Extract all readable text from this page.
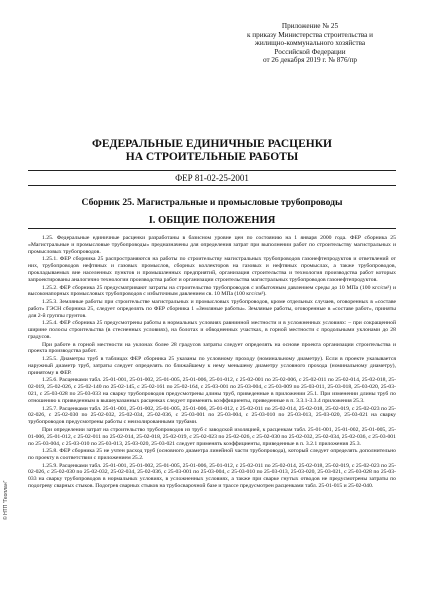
Приложение № 25
к приказу Министерства строительства и
жилищно-коммунального хозяйства
Российской Федерации
от 26 декабря 2019 г. № 876/пр
ФЕДЕРАЛЬНЫЕ ЕДИНИЧНЫЕ РАСЦЕНКИ
НА СТРОИТЕЛЬНЫЕ РАБОТЫ
ФЕР 81-02-25-2001
Сборник 25. Магистральные и промысловые трубопроводы
I. ОБЩИЕ ПОЛОЖЕНИЯ

1.25. Федеральные единичные расценки разработаны в базисном уровне цен по состоянию на 1 января 2000 года. ФЕР сборника 25 «Магистральные и промысловые трубопроводы» предназначены для определения затрат при выполнении работ по строительству магистральных и промысловых трубопроводов.

1.25.1. ФЕР сборника 25 распространяются на работы по строительству магистральных трубопроводов газонефтепродуктов и ответвлений от них, трубопроводов нефтяных и газовых промыслов, сборных коллекторов на газовых и нефтяных промыслах, а также трубопроводов, прокладываемых вне населенных пунктов и промышленных предприятий, организация строительства и технология производства работ которых запроектированы аналогично технологии производства работ и организации строительства магистральных трубопроводов газонефтепродуктов.

1.25.2. ФЕР сборника 25 предусматривают затраты на строительство трубопроводов с избыточным давлением среды до 10 МПа (100 кгс/см²) и высоконапорных промысловых трубопроводов с избыточным давлением св. 10 МПа (100 кгс/см²).

1.25.3. Земляные работы при строительстве магистральных и промысловых трубопроводов, кроме отдельных случаев, оговоренных в «составе работ» ГЭСН сборника 25, следует определять по ФЕР сборника 1 «Земляные работы». Земляные работы, оговоренные в «составе работ», приняты для 2-й группы грунтов.

1.25.4. ФЕР сборника 25 предусмотрены работы в нормальных условиях равнинной местности и в усложненных условиях: – при сокращенной ширине полосы строительства (в стесненных условиях), на болотах и обводненных участках, в горной местности с продольными уклонами до 28 градусов.

При работе в горной местности на уклонах более 28 градусов затраты следует определять на основе проекта организации строительства и проекта производства работ.

1.25.5. Диаметры труб в таблицах ФЕР сборника 25 указаны по условному проходу (номинальному диаметру). Если в проекте указывается наружный диаметр труб, затраты следует определять по ближайшему к нему меньшему диаметру условного прохода (номинальному диаметру), принятому в ФЕР.

1.25.6. Расценками табл. 25-01-001, 25-01-002, 25-01-005, 25-01-006, 25-01-012, с 25-02-001 по 25-02-006, с 25-02-011 по 25-02-014, 25-02-018, 25-02-019, 25-02-026, с 25-02-140 по 25-02-145, с 25-02-161 по 25-02-164, с 25-03-001 по 25-03-004, с 25-03-009 по 25-03-011, 25-03-018, 25-03-020, 25-03-021, с 25-03-028 по 25-03-033 на сварку трубопроводов предусмотрены длины труб, приведенные в приложении 25.1. При изменении длины труб по отношению к приведенным в вышеуказанных расценках следует применять коэффициенты, приведенные в п. 3.3.1-3.3.4 приложения 25.3.

1.25.7. Расценками табл. 25-01-001, 25-01-002, 25-01-005, 25-01-006, 25-01-012, с 25-02-011 по 25-02-014, 25-02-018, 25-02-019, с 25-02-023 по 25-02-026, с 25-02-030 по 25-02-032, 25-02-034, 25-02-036, с 25-03-001 по 25-03-004, с 25-03-010 по 25-03-013, 25-03-020, 25-03-021 на сварку трубопроводов предусмотрены работы с неизолированными трубами.

При определении затрат на строительство трубопроводов из труб с заводской изоляцией, к расценкам табл. 25-01-001, 25-01-002, 25-01-005, 25-01-006, 25-01-012, с 25-02-011 по 25-02-014, 25-02-018, 25-02-019, с 25-02-023 по 25-02-026, с 25-02-030 по 25-02-032, 25-02-034, 25-02-036, с 25-03-001 по 25-03-004, с 25-03-010 по 25-03-013, 25-03-020, 25-03-021 следует применять коэффициенты, приведенные в п. 3.2.1 приложения 25.3.

1.25.8. ФЕР сборника 25 не учтен расход труб (основного диаметра линейной части трубопровода), который следует определять дополнительно по проекту в соответствии с приложением 25.2.

1.25.9. Расценками табл. 25-01-001, 25-01-002, 25-01-005, 25-01-006, 25-01-012, с 25-02-011 по 25-02-014, 25-02-018, 25-02-019, с 25-02-023 по 25-02-026, с 25-02-030 по 25-02-032, 25-02-034, 25-02-036, с 25-03-001 по 25-03-004, с 25-03-010 по 25-03-013, 25-03-020, 25-03-021, с 25-03-028 по 25-03-033 на сварку трубопроводов в нормальных условиях, в усложненных условиях, а также при сварке гнутых отводов не предусмотрены затраты по подогреву сварных стыков. Подогрев сварных стыков на трубосварочной базе и трассе предусмотрен расценками табл. 25-01-015 и 25-02-040.

© НТП "Геоплан"
